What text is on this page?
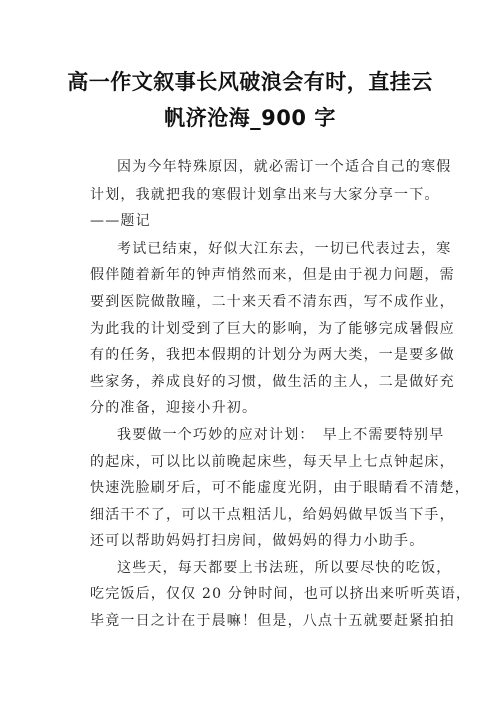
高一作文叙事长风破浪会有时，直挂云
帆济沧海_900 字
因为今年特殊原因，就必需订一个适合自己的寒假
计划，我就把我的寒假计划拿出来与大家分享一下。
——题记
考试已结束，好似大江东去，一切已代表过去，寒
假伴随着新年的钟声悄然而来，但是由于视力问题，需
要到医院做散瞳，二十来天看不清东西，写不成作业，
为此我的计划受到了巨大的影响，为了能够完成暑假应
有的任务，我把本假期的计划分为两大类，一是要多做
些家务，养成良好的习惯，做生活的主人，二是做好充
分的准备，迎接小升初。
我要做一个巧妙的应对计划：　早上不需要特别早
的起床，可以比以前晚起床些，每天早上七点钟起床，
快速洗脸刷牙后，可不能虚度光阴，由于眼睛看不清楚，
细活干不了，可以干点粗活儿，给妈妈做早饭当下手，
还可以帮助妈妈打扫房间，做妈妈的得力小助手。
这些天，每天都要上书法班，所以要尽快的吃饭，
吃完饭后，仅仅 20 分钟时间，也可以挤出来听听英语，
毕竟一日之计在于晨嘛！但是，八点十五就要赶紧拍拍
